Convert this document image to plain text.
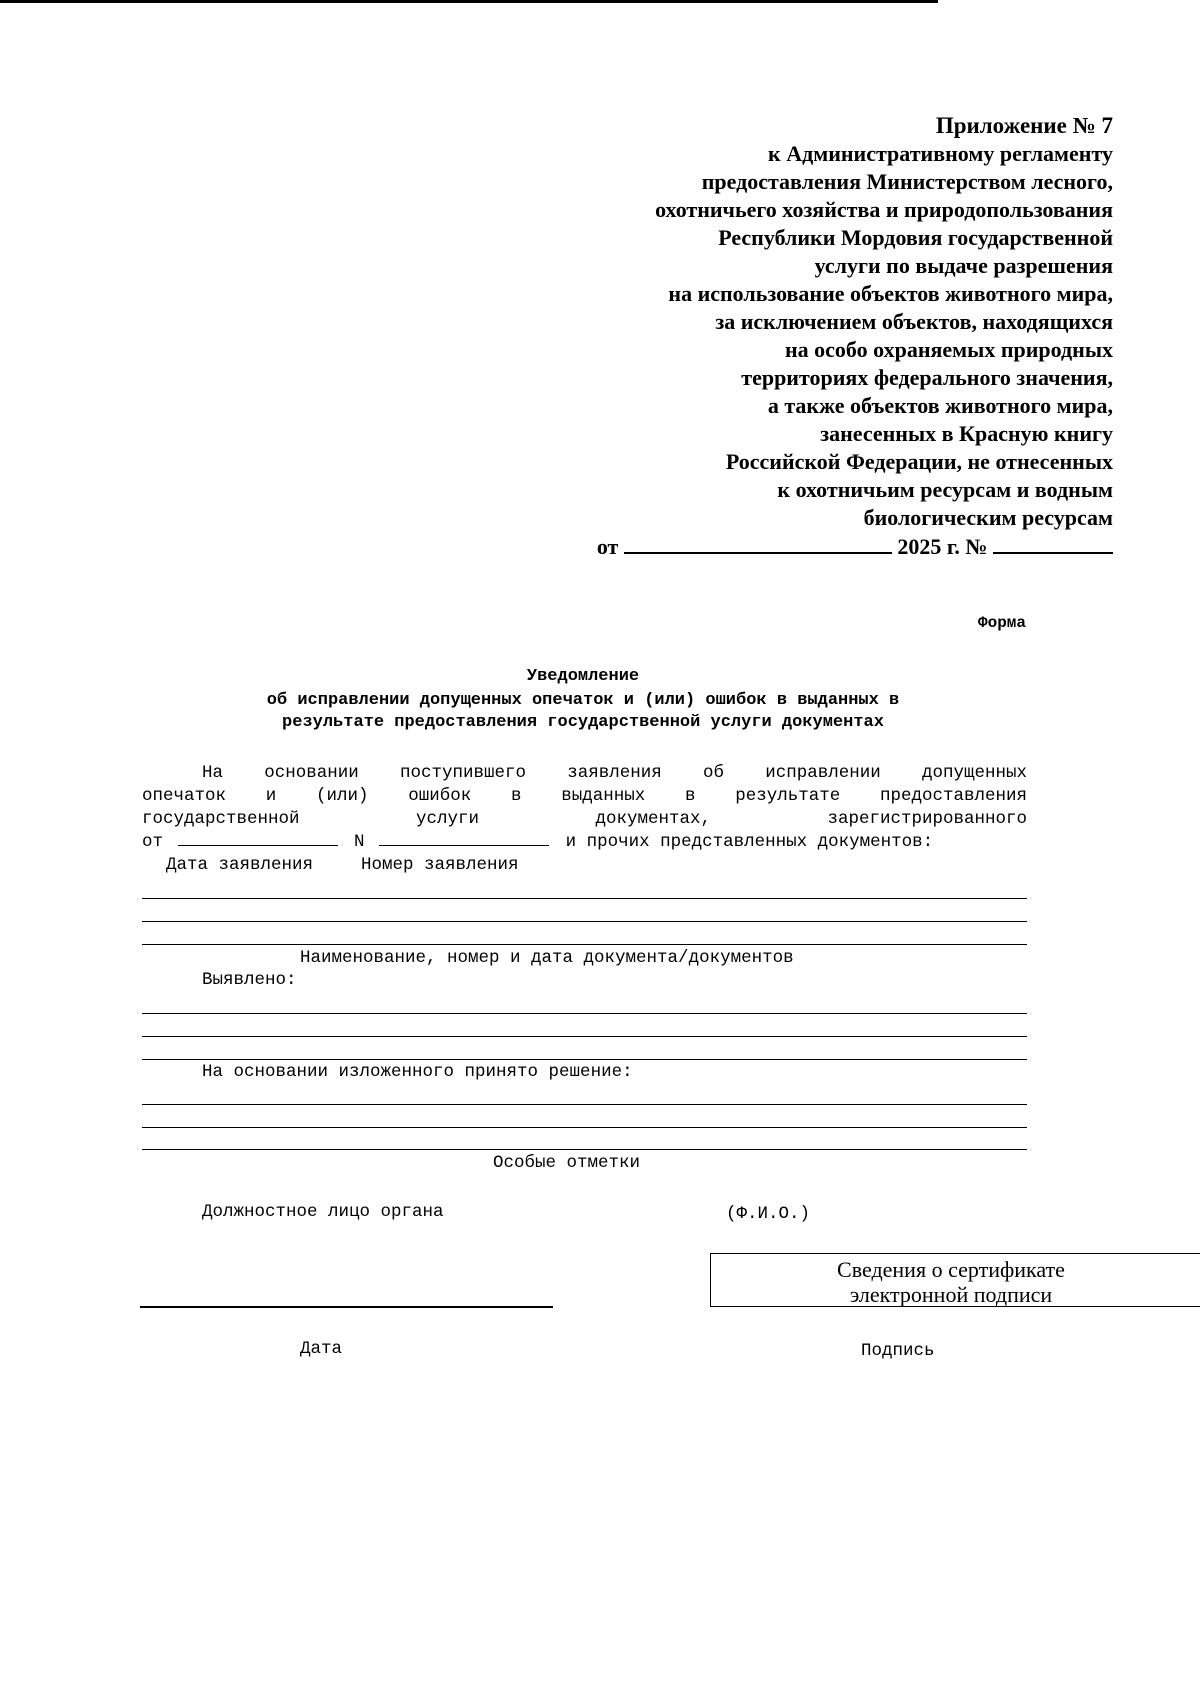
Приложение № 7
к Административному регламенту
предоставления Министерством лесного,
охотничьего хозяйства и природопользования
Республики Мордовия государственной
услуги по выдаче разрешения
на использование объектов животного мира,
за исключением объектов, находящихся
на особо охраняемых природных
территориях федерального значения,
а также объектов животного мира,
занесенных в Красную книгу
Российской Федерации, не отнесенных
к охотничьим ресурсам и водным
биологическим ресурсам
от	2025 г. №
Форма
Уведомление
об исправлении допущенных опечаток и (или) ошибок в выданных в
результате предоставления государственной услуги документах
На основании поступившего заявления об исправлении допущенных
опечаток и (или) ошибок в выданных в результате предоставления
государственной услуги документах, зарегистрированного
от	N	и прочих представленных документов:
Дата заявления	Номер заявления
Наименование, номер и дата документа/документов
Выявлено:
На основании изложенного принято решение:
Особые отметки
Должностное лицо органа	(Ф.И.О.)
Сведения о сертификате
электронной подписи
Дата	Подпись
